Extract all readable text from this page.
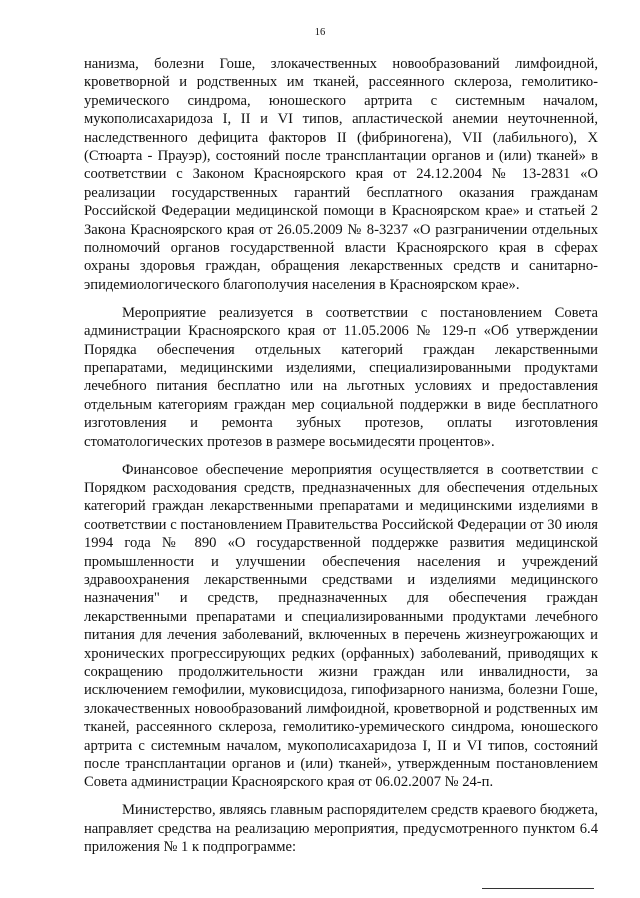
16

нанизма, болезни Гоше, злокачественных новообразований лимфоидной, кроветворной и родственных им тканей, рассеянного склероза, гемолитико-уремического синдрома, юношеского артрита с системным началом, мукополисахаридоза I, II и VI типов, апластической анемии неуточненной, наследственного дефицита факторов II (фибриногена), VII (лабильного), X (Стюарта - Прауэр), состояний после трансплантации органов и (или) тканей» в соответствии с Законом Красноярского края от 24.12.2004 № 13-2831 «О реализации государственных гарантий бесплатного оказания гражданам Российской Федерации медицинской помощи в Красноярском крае» и статьей 2 Закона Красноярского края от 26.05.2009 № 8-3237 «О разграничении отдельных полномочий органов государственной власти Красноярского края в сферах охраны здоровья граждан, обращения лекарственных средств и санитарно-эпидемиологического благополучия населения в Красноярском крае».

Мероприятие реализуется в соответствии с постановлением Совета администрации Красноярского края от 11.05.2006 № 129-п «Об утверждении Порядка обеспечения отдельных категорий граждан лекарственными препаратами, медицинскими изделиями, специализированными продуктами лечебного питания бесплатно или на льготных условиях и предоставления отдельным категориям граждан мер социальной поддержки в виде бесплатного изготовления и ремонта зубных протезов, оплаты изготовления стоматологических протезов в размере восьмидесяти процентов».

Финансовое обеспечение мероприятия осуществляется в соответствии с Порядком расходования средств, предназначенных для обеспечения отдельных категорий граждан лекарственными препаратами и медицинскими изделиями в соответствии с постановлением Правительства Российской Федерации от 30 июля 1994 года № 890 «О государственной поддержке развития медицинской промышленности и улучшении обеспечения населения и учреждений здравоохранения лекарственными средствами и изделиями медицинского назначения" и средств, предназначенных для обеспечения граждан лекарственными препаратами и специализированными продуктами лечебного питания для лечения заболеваний, включенных в перечень жизнеугрожающих и хронических прогрессирующих редких (орфанных) заболеваний, приводящих к сокращению продолжительности жизни граждан или инвалидности, за исключением гемофилии, муковисцидоза, гипофизарного нанизма, болезни Гоше, злокачественных новообразований лимфоидной, кроветворной и родственных им тканей, рассеянного склероза, гемолитико-уремического синдрома, юношеского артрита с системным началом, мукополисахаридоза I, II и VI типов, состояний после трансплантации органов и (или) тканей», утвержденным постановлением Совета администрации Красноярского края от 06.02.2007 № 24-п.

Министерство, являясь главным распорядителем средств краевого бюджета, направляет средства на реализацию мероприятия, предусмотренного пунктом 6.4 приложения № 1 к подпрограмме:
